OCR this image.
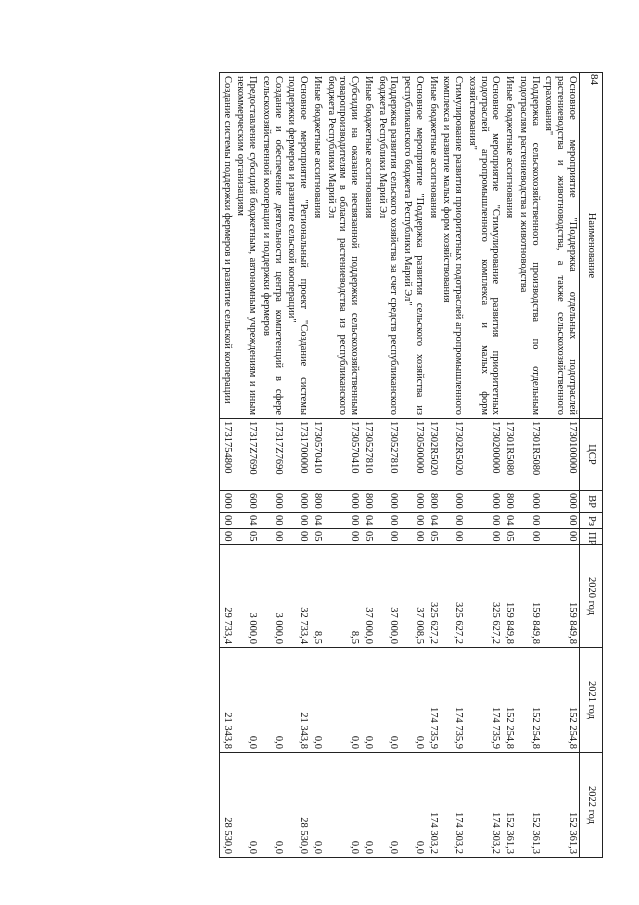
84
Наименование	ЦСР	ВР	Рз	ПР	2020 год	2021 год	2022 год
Основное мероприятие "Поддержка отдельных подотраслей растениеводства и животноводства, а также сельскохозяйственного страхования"	1730100000	000	00	00	159 849,8	152 254,8	152 361,3
Поддержка сельскохозяйственного производства по отдельным подотраслям растениеводства и животноводства	17301R5080	000	00	00	159 849,8	152 254,8	152 361,3
Иные бюджетные ассигнования	17301R5080	800	04	05	159 849,8	152 254,8	152 361,3
Основное мероприятие "Стимулирование развития приоритетных подотраслей агропромышленного комплекса и малых форм хозяйствования"	1730200000	000	00	00	325 627,2	174 735,9	174 303,2
Стимулирование развития приоритетных подотраслей агропромышленного комплекса и развитие малых форм хозяйствования	17302R5020	000	00	00	325 627,2	174 735,9	174 303,2
Иные бюджетные ассигнования	17302R5020	800	04	05	325 627,2	174 735,9	174 303,2
Основное мероприятие "Поддержка развития сельского хозяйства из республиканского бюджета Республики Марий Эл"	1730500000	000	00	00	37 008,5	0,0	0,0
Поддержка развития сельского хозяйства за счет средств республиканского бюджета Республики Марий Эл	1730527810	000	00	00	37 000,0	0,0	0,0
Иные бюджетные ассигнования	1730527810	800	04	05	37 000,0	0,0	0,0
Субсидии на оказание несвязанной поддержки сельскохозяйственным товаропроизводителям в области растениеводства из республиканского бюджета Республики Марий Эл	1730570410	000	00	00	8,5	0,0	0,0
Иные бюджетные ассигнования	1730570410	800	04	05	8,5	0,0	0,0
Основное мероприятие "Региональный проект "Создание системы поддержки фермеров и развитие сельской кооперации"	1731700000	000	00	00	32 733,4	21 343,8	28 530,0
Создание и обеспечение деятельности центра компетенций в сфере сельскохозяйственной кооперации и поддержки фермеров	17317Z7690	000	00	00	3 000,0	0,0	0,0
Предоставление субсидий бюджетным, автономным учреждениям и иным некоммерческим организациям	17317Z7690	600	04	05	3 000,0	0,0	0,0
Создание системы поддержки фермеров и развитие сельской кооперации	1731754800	000	00	00	29 733,4	21 343,8	28 530,0
